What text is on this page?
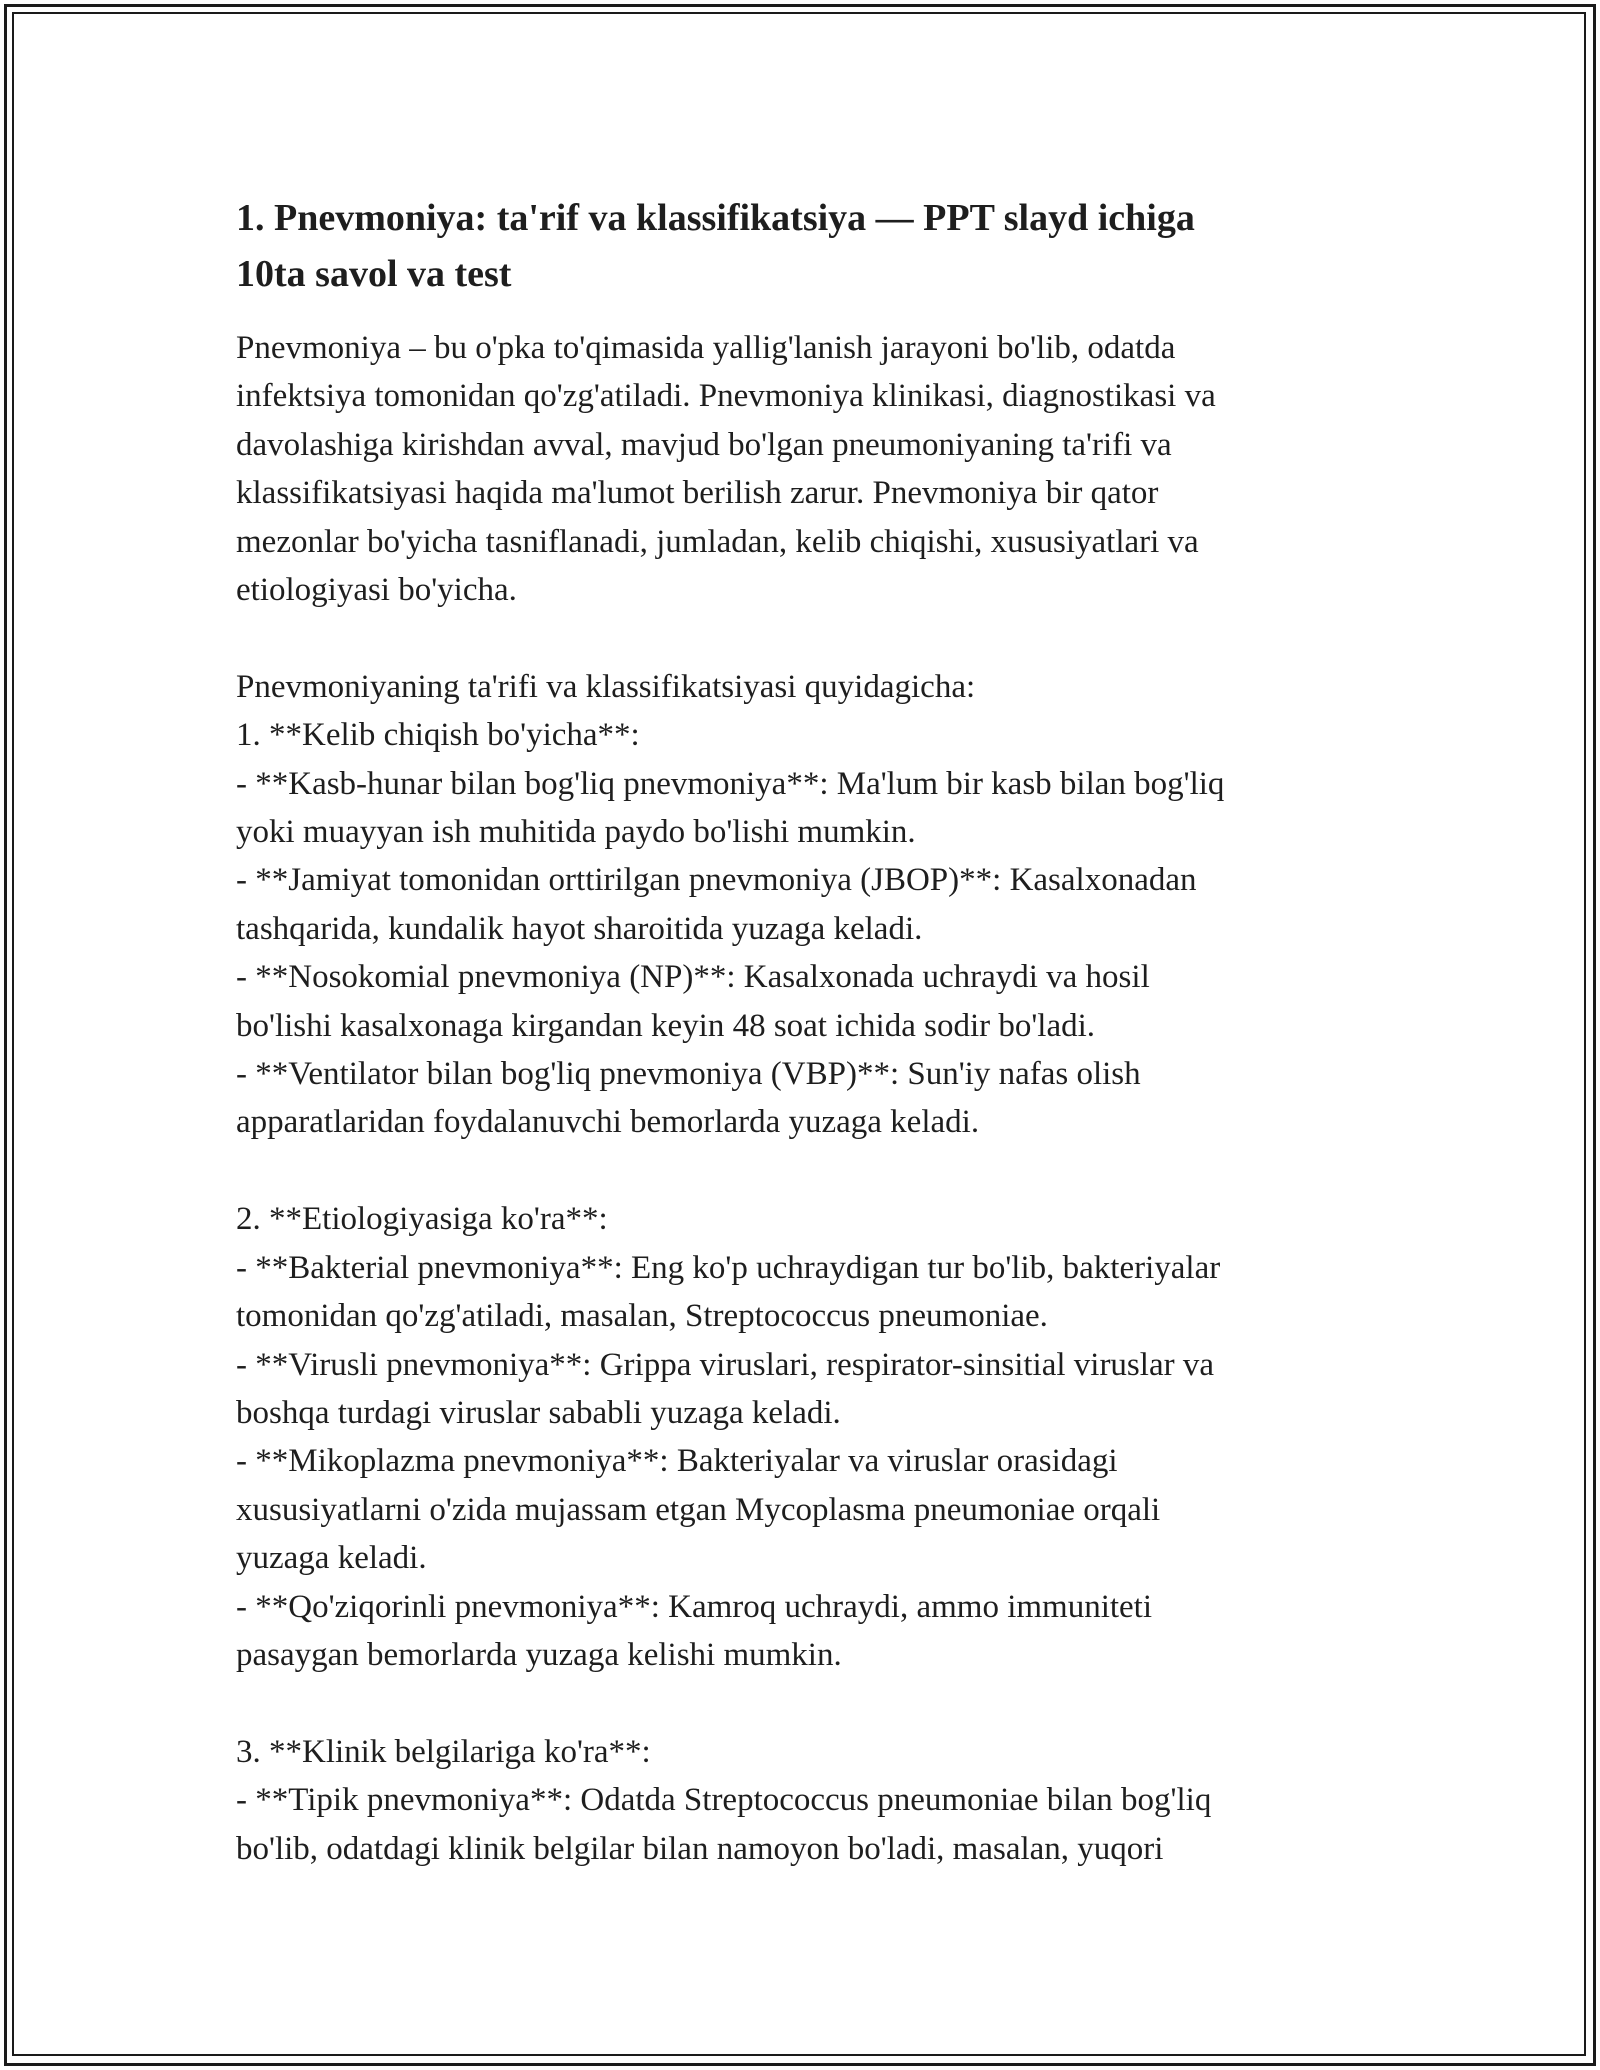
1. Pnevmoniya: ta'rif va klassifikatsiya — PPT slayd ichiga
10ta savol va test

Pnevmoniya – bu o'pka to'qimasida yallig'lanish jarayoni bo'lib, odatda
infektsiya tomonidan qo'zg'atiladi. Pnevmoniya klinikasi, diagnostikasi va
davolashiga kirishdan avval, mavjud bo'lgan pneumoniyaning ta'rifi va
klassifikatsiyasi haqida ma'lumot berilish zarur. Pnevmoniya bir qator
mezonlar bo'yicha tasniflanadi, jumladan, kelib chiqishi, xususiyatlari va
etiologiyasi bo'yicha.

Pnevmoniyaning ta'rifi va klassifikatsiyasi quyidagicha:
1. **Kelib chiqish bo'yicha**:
- **Kasb-hunar bilan bog'liq pnevmoniya**: Ma'lum bir kasb bilan bog'liq
yoki muayyan ish muhitida paydo bo'lishi mumkin.
- **Jamiyat tomonidan orttirilgan pnevmoniya (JBOP)**: Kasalxonadan
tashqarida, kundalik hayot sharoitida yuzaga keladi.
- **Nosokomial pnevmoniya (NP)**: Kasalxonada uchraydi va hosil
bo'lishi kasalxonaga kirgandan keyin 48 soat ichida sodir bo'ladi.
- **Ventilator bilan bog'liq pnevmoniya (VBP)**: Sun'iy nafas olish
apparatlaridan foydalanuvchi bemorlarda yuzaga keladi.

2. **Etiologiyasiga ko'ra**:
- **Bakterial pnevmoniya**: Eng ko'p uchraydigan tur bo'lib, bakteriyalar
tomonidan qo'zg'atiladi, masalan, Streptococcus pneumoniae.
- **Virusli pnevmoniya**: Grippa viruslari, respirator-sinsitial viruslar va
boshqa turdagi viruslar sababli yuzaga keladi.
- **Mikoplazma pnevmoniya**: Bakteriyalar va viruslar orasidagi
xususiyatlarni o'zida mujassam etgan Mycoplasma pneumoniae orqali
yuzaga keladi.
- **Qo'ziqorinli pnevmoniya**: Kamroq uchraydi, ammo immuniteti
pasaygan bemorlarda yuzaga kelishi mumkin.

3. **Klinik belgilariga ko'ra**:
- **Tipik pnevmoniya**: Odatda Streptococcus pneumoniae bilan bog'liq
bo'lib, odatdagi klinik belgilar bilan namoyon bo'ladi, masalan, yuqori
